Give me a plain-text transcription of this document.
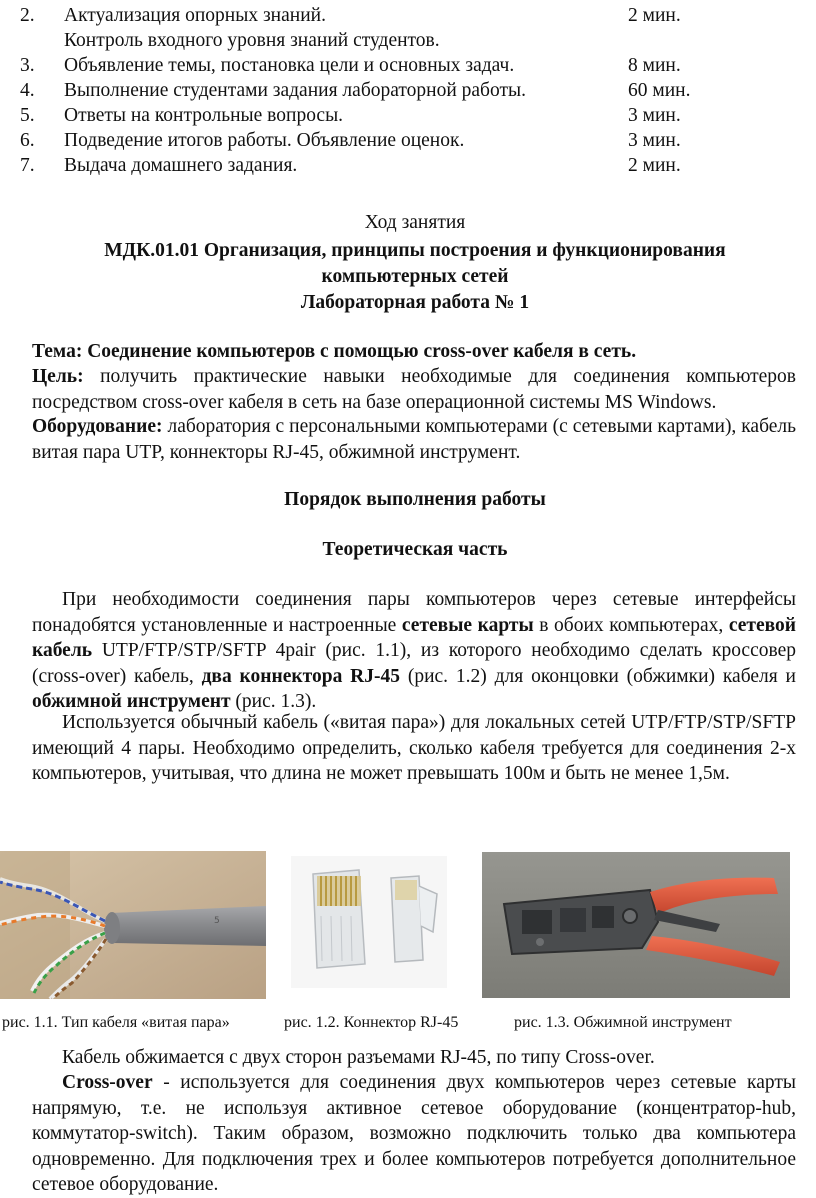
2.	Актуализация опорных знаний.	2 мин.
Контроль входного уровня знаний студентов.
3.	Объявление темы, постановка цели и основных задач.	8 мин.
4.	Выполнение студентами задания лабораторной работы.	60 мин.
5.	Ответы на контрольные вопросы.	3 мин.
6.	Подведение итогов работы. Объявление оценок.	3 мин.
7.	Выдача домашнего задания.	2 мин.
Ход занятия
МДК.01.01 Организация, принципы построения и функционирования
компьютерных сетей
Лабораторная работа № 1
Тема: Соединение компьютеров с помощью cross-over кабеля в сеть.
Цель: получить практические навыки необходимые для соединения компьютеров посредством cross-over кабеля в сеть на базе операционной системы MS Windows.
Оборудование: лаборатория с персональными компьютерами (с сетевыми картами), кабель витая пара UTP, коннекторы RJ-45, обжимной инструмент.
Порядок выполнения работы
Теоретическая часть
При необходимости соединения пары компьютеров через сетевые интерфейсы понадобятся установленные и настроенные сетевые карты в обоих компьютерах, сетевой кабель UTP/FTP/STP/SFTP 4pair (рис. 1.1), из которого необходимо сделать кроссовер (cross-over) кабель, два коннектора RJ-45 (рис. 1.2) для оконцовки (обжимки) кабеля и обжимной инструмент (рис. 1.3).
Используется обычный кабель («витая пара») для локальных сетей UTP/FTP/STP/SFTP имеющий 4 пары. Необходимо определить, сколько кабеля требуется для соединения 2-х компьютеров, учитывая, что длина не может превышать 100м и быть не менее 1,5м.
5
рис. 1.1. Тип кабеля «витая пара»	рис. 1.2. Коннектор RJ-45	рис. 1.3. Обжимной инструмент
Кабель обжимается с двух сторон разъемами RJ-45, по типу Cross-over.
Cross-over - используется для соединения двух компьютеров через сетевые карты напрямую, т.е. не используя активное сетевое оборудование (концентратор-hub, коммутатор-switch). Таким образом, возможно подключить только два компьютера одновременно. Для подключения трех и более компьютеров потребуется дополнительное сетевое оборудование.
